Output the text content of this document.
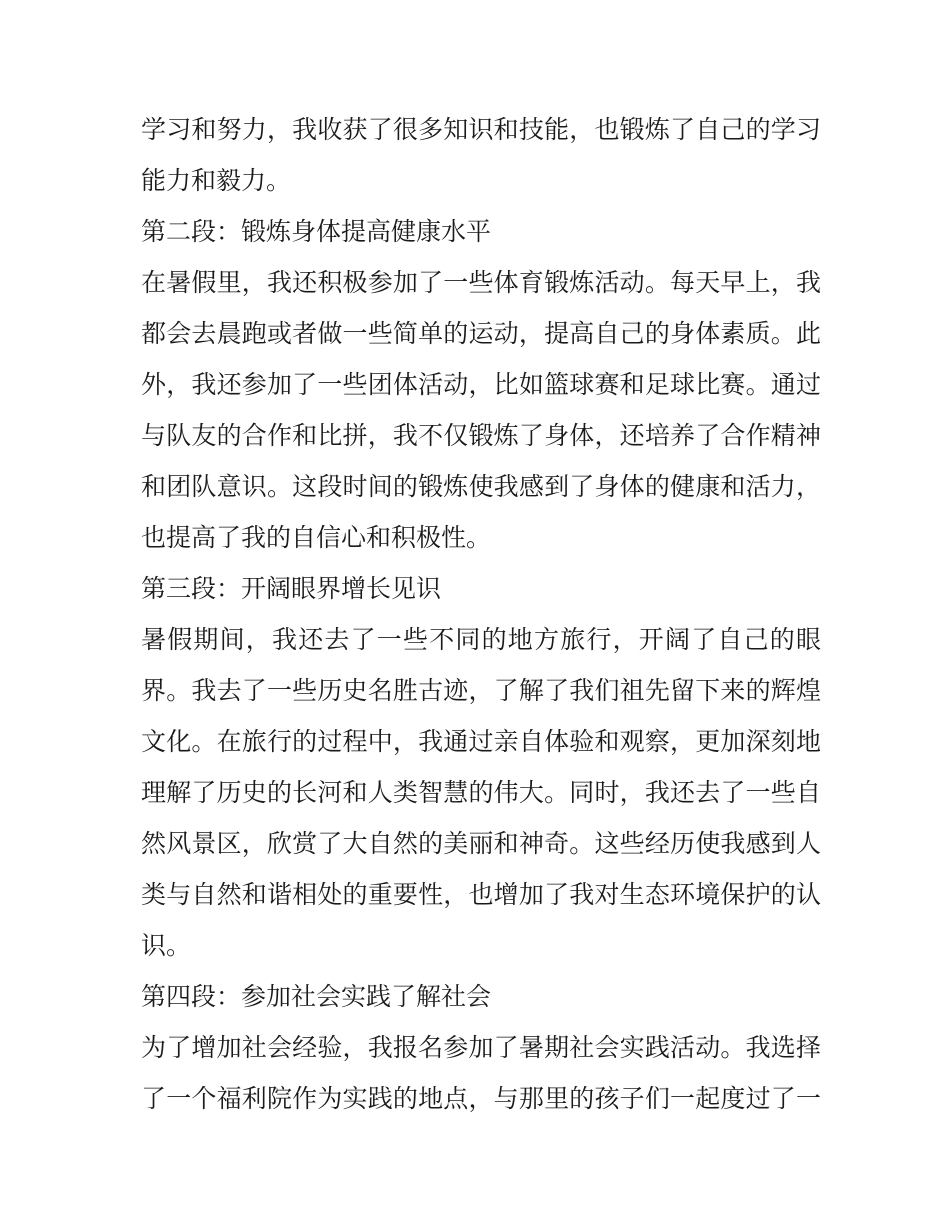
学习和努力，我收获了很多知识和技能，也锻炼了自己的学习
能力和毅力。
第二段：锻炼身体提高健康水平
在暑假里，我还积极参加了一些体育锻炼活动。每天早上，我
都会去晨跑或者做一些简单的运动，提高自己的身体素质。此
外，我还参加了一些团体活动，比如篮球赛和足球比赛。通过
与队友的合作和比拼，我不仅锻炼了身体，还培养了合作精神
和团队意识。这段时间的锻炼使我感到了身体的健康和活力，
也提高了我的自信心和积极性。
第三段：开阔眼界增长见识
暑假期间，我还去了一些不同的地方旅行，开阔了自己的眼
界。我去了一些历史名胜古迹，了解了我们祖先留下来的辉煌
文化。在旅行的过程中，我通过亲自体验和观察，更加深刻地
理解了历史的长河和人类智慧的伟大。同时，我还去了一些自
然风景区，欣赏了大自然的美丽和神奇。这些经历使我感到人
类与自然和谐相处的重要性，也增加了我对生态环境保护的认
识。
第四段：参加社会实践了解社会
为了增加社会经验，我报名参加了暑期社会实践活动。我选择
了一个福利院作为实践的地点，与那里的孩子们一起度过了一
